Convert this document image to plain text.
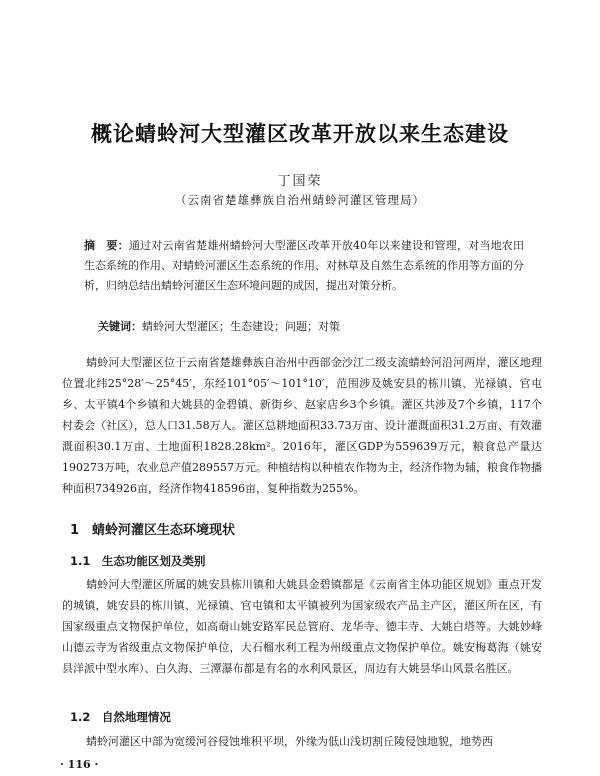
概论蜻蛉河大型灌区改革开放以来生态建设
丁国荣
（云南省楚雄彝族自治州蜻蛉河灌区管理局）
摘　要：通过对云南省楚雄州蜻蛉河大型灌区改革开放40年以来建设和管理，对当地农田生态系统的作用、对蜻蛉河灌区生态系统的作用、对林草及自然生态系统的作用等方面的分析，归纳总结出蜻蛉河灌区生态环境问题的成因，提出对策分析。
关键词：蜻蛉河大型灌区；生态建设；问题；对策
蜻蛉河大型灌区位于云南省楚雄彝族自治州中西部金沙江二级支流蜻蛉河沿河两岸，灌区地理位置北纬25°28′～25°45′，东经101°05′～101°10′，范围涉及姚安县的栋川镇、光禄镇、官屯乡、太平镇4个乡镇和大姚县的金碧镇、新街乡、赵家店乡3个乡镇。灌区共涉及7个乡镇，117个村委会（社区），总人口31.58万人。灌区总耕地面积33.73万亩、设计灌溉面积31.2万亩、有效灌溉面积30.1万亩、土地面积1828.28km²。2016年，灌区GDP为559639万元，粮食总产量达190273万吨，农业总产值289557万元。种植结构以种植农作物为主，经济作物为辅，粮食作物播种面积734926亩，经济作物418596亩，复种指数为255%。
1　蜻蛉河灌区生态环境现状
1.1　生态功能区划及类别
蜻蛉河大型灌区所属的姚安县栋川镇和大姚县金碧镇都是《云南省主体功能区规划》重点开发的城镇，姚安县的栋川镇、光禄镇、官屯镇和太平镇被列为国家级农产品主产区，灌区所在区，有国家级重点文物保护单位，如高奣山姚安路军民总管府、龙华寺、德丰寺、大姚白塔等。大姚妙峰山德云寺为省级重点文物保护单位，大石榴水利工程为州级重点文物保护单位。姚安梅葛海（姚安县洋派中型水库）、白久海、三潭瀑布都是有名的水利风景区，周边有大姚昙华山风景名胜区。
1.2　自然地理情况
蜻蛉河灌区中部为宽缓河谷侵蚀堆积平坝，外缘为低山浅切割丘陵侵蚀地貌，地势西
· 116 ·
